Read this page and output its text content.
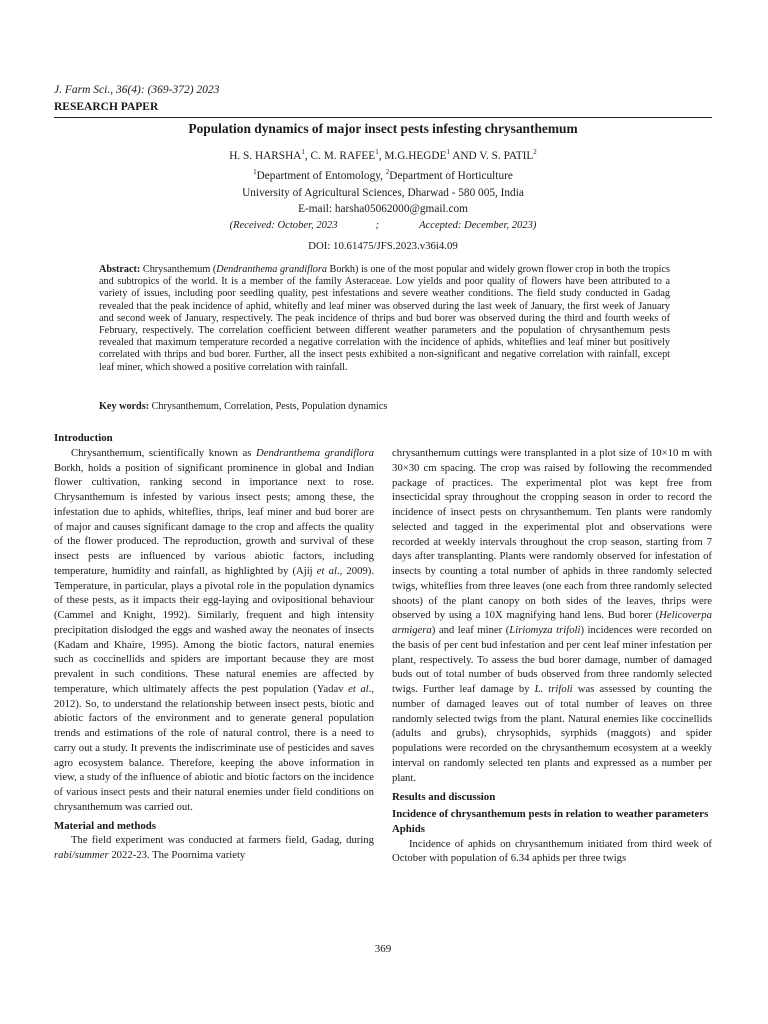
J. Farm Sci., 36(4): (369-372) 2023
RESEARCH PAPER
Population dynamics of major insect pests infesting chrysanthemum
H. S. HARSHA$^1$, C. M. RAFEE$^1$, M.G.HEGDE$^1$ AND V. S. PATIL$^2$
$^1$Department of Entomology, $^2$Department of Horticulture
University of Agricultural Sciences, Dharwad - 580 005, India
E-mail: harsha05062000@gmail.com
(Received: October, 2023	;	Accepted: December, 2023)
DOI: 10.61475/JFS.2023.v36i4.09
Abstract: Chrysanthemum (Dendranthema grandiflora Borkh) is one of the most popular and widely grown flower crop in both the tropics and subtropics of the world. It is a member of the family Asteraceae. Low yields and poor quality of flowers have been attributed to a variety of issues, including poor seedling quality, pest infestations and severe weather conditions. The field study conducted in Gadag revealed that the peak incidence of aphid, whitefly and leaf miner was observed during the last week of January, the first week of January and second week of January, respectively. The peak incidence of thrips and bud borer was observed during the third and fourth weeks of February, respectively. The correlation coefficient between different weather parameters and the population of chrysanthemum pests revealed that maximum temperature recorded a negative correlation with the incidence of aphids, whiteflies and leaf miner but positively correlated with thrips and bud borer. Further, all the insect pests exhibited a non-significant and negative correlation with rainfall, except leaf miner, which showed a positive correlation with rainfall.
Key words: Chrysanthemum, Correlation, Pests, Population dynamics
Introduction

Chrysanthemum, scientifically known as Dendranthema grandiflora Borkh, holds a position of significant prominence in global and Indian flower cultivation, ranking second in importance next to rose. Chrysanthemum is infested by various insect pests; among these, the infestation due to aphids, whiteflies, thrips, leaf miner and bud borer are of major and causes significant damage to the crop and affects the quality of the flower produced. The reproduction, growth and survival of these insect pests are influenced by various abiotic factors, including temperature, humidity and rainfall, as highlighted by (Ajij et al., 2009). Temperature, in particular, plays a pivotal role in the population dynamics of these pests, as it impacts their egg-laying and ovipositional behaviour (Cammel and Knight, 1992). Similarly, frequent and high intensity precipitation dislodged the eggs and washed away the neonates of insects (Kadam and Khaire, 1995). Among the biotic factors, natural enemies such as coccinellids and spiders are important because they are most prevalent in such conditions. These natural enemies are affected by temperature, which ultimately affects the pest population (Yadav et al., 2012). So, to understand the relationship between insect pests, biotic and abiotic factors of the environment and to generate general population trends and estimations of the role of natural control, there is a need to carry out a study. It prevents the indiscriminate use of pesticides and saves agro ecosystem balance. Therefore, keeping the above information in view, a study of the influence of abiotic and biotic factors on the incidence of various insect pests and their natural enemies under field conditions on chrysanthemum was carried out.

Material and methods

The field experiment was conducted at farmers field, Gadag, during rabi/summer 2022-23. The Poornima variety

chrysanthemum cuttings were transplanted in a plot size of 10×10 m with 30×30 cm spacing. The crop was raised by following the recommended package of practices. The experimental plot was kept free from insecticidal spray throughout the cropping season in order to record the incidence of insect pests on chrysanthemum. Ten plants were randomly selected and tagged in the experimental plot and observations were recorded at weekly intervals throughout the crop season, starting from 7 days after transplanting. Plants were randomly observed for infestation of insects by counting a total number of aphids in three randomly selected twigs, whiteflies from three leaves (one each from three randomly selected shoots) of the plant canopy on both sides of the leaves, thrips were observed by using a 10X magnifying hand lens. Bud borer (Helicoverpa armigera) and leaf miner (Liriomyza trifoli) incidences were recorded on the basis of per cent bud infestation and per cent leaf miner infestation per plant, respectively. To assess the bud borer damage, number of damaged buds out of total number of buds observed from three randomly selected twigs. Further leaf damage by L. trifoli was assessed by counting the number of damaged leaves out of total number of leaves on three randomly selected twigs from the plant. Natural enemies like coccinellids (adults and grubs), chrysophids, syrphids (maggots) and spider populations were recorded on the chrysanthemum ecosystem at a weekly interval on randomly selected ten plants and expressed as a number per plant.

Results and discussion
Incidence of chrysanthemum pests in relation to weather parameters
Aphids

Incidence of aphids on chrysanthemum initiated from third week of October with population of 6.34 aphids per three twigs

369
